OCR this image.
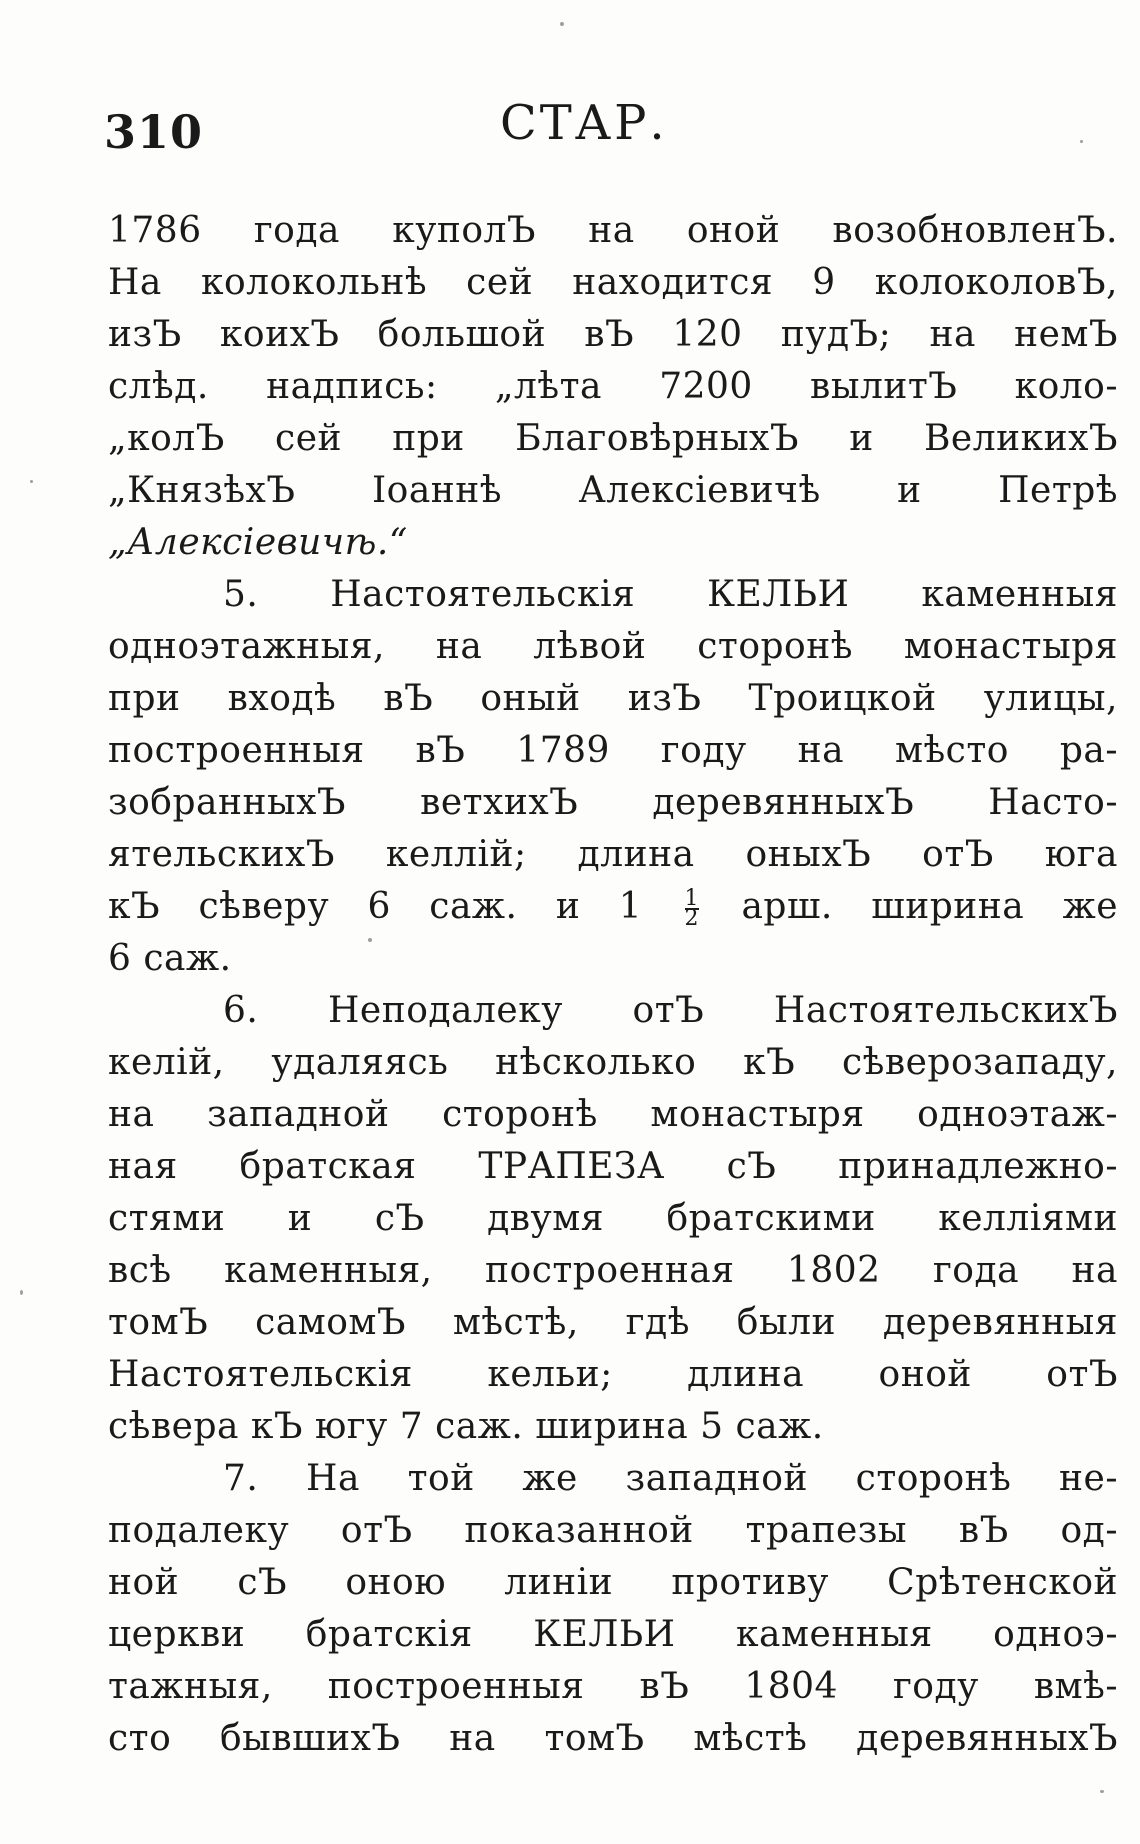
310	СТАР.
1786 года куполЪ на оной возобновленЪ.
На колокольнѣ сей находится 9 колоколовЪ,
изЪ коихЪ большой вЪ 120 пудЪ; на немЪ
слѣд. надпись: „лѣта 7200 вылитЪ коло-
„колЪ сей при БлаговѣрныхЪ и ВеликихЪ
„КнязѣхЪ Іоаннѣ Алексіевичѣ и Петрѣ
„Алексіевичѣ.“
5. Настоятельскія КЕЛЬИ каменныя
одноэтажныя, на лѣвой сторонѣ монастыря
при входѣ вЪ оный изЪ Троицкой улицы,
построенныя вЪ 1789 году на мѣсто ра-
зобранныхЪ ветхихЪ деревянныхЪ Насто-
ятельскихЪ келлій; длина оныхЪ отЪ юга
кЪ сѣверу 6 саж. и $1 \frac{1}{2}$ арш. ширина же
6 саж.
6. Неподалеку отЪ НастоятельскихЪ
келій, удаляясь нѣсколько кЪ сѣверозападу,
на западной сторонѣ монастыря одноэтаж-
ная братская ТРАПЕЗА сЪ принадлежно-
стями и сЪ двумя братскими келліями
всѣ каменныя, построенная 1802 года на
томЪ самомЪ мѣстѣ, гдѣ были деревянныя
Настоятельскія кельи; длина оной отЪ
сѣвера кЪ югу 7 саж. ширина 5 саж.
7. На той же западной сторонѣ не-
подалеку отЪ показанной трапезы вЪ од-
ной сЪ оною линіи противу Срѣтенской
церкви братскія КЕЛЬИ каменныя одноэ-
тажныя, построенныя вЪ 1804 году вмѣ-
сто бывшихЪ на томЪ мѣстѣ деревянныхЪ
